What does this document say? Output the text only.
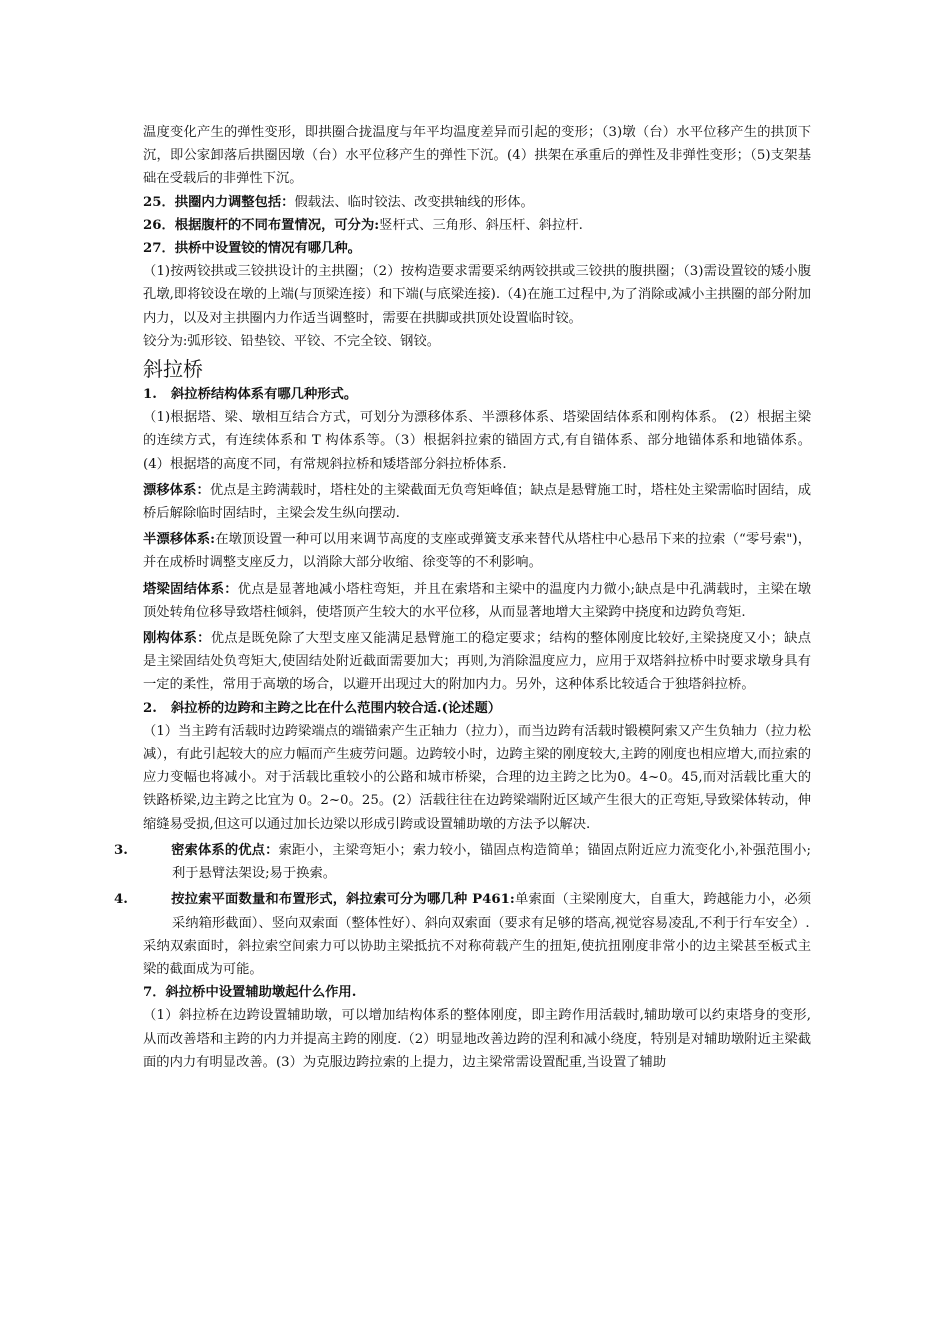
温度变化产生的弹性变形，即拱圈合拢温度与年平均温度差异而引起的变形；（3)墩（台）水平位移产生的拱顶下沉，即公家卸落后拱圈因墩（台）水平位移产生的弹性下沉。(4）拱架在承重后的弹性及非弹性变形；（5)支架基础在受载后的非弹性下沉。

25．拱圈内力调整包括：假载法、临时铰法、改变拱轴线的形体。

26．根据腹杆的不同布置情况，可分为:竖杆式、三角形、斜压杆、斜拉杆.

27．拱桥中设置铰的情况有哪几种。

（1)按两铰拱或三铰拱设计的主拱圈；（2）按构造要求需要采纳两铰拱或三铰拱的腹拱圈；（3)需设置铰的矮小腹孔墩,即将铰设在墩的上端(与顶梁连接）和下端(与底梁连接).（4)在施工过程中,为了消除或减小主拱圈的部分附加内力，以及对主拱圈内力作适当调整时，需要在拱脚或拱顶处设置临时铰。

铰分为:弧形铰、铅垫铰、平铰、不完全铰、钢铰。

斜拉桥

1. 斜拉桥结构体系有哪几种形式。

（1)根据塔、梁、墩相互结合方式，可划分为漂移体系、半漂移体系、塔梁固结体系和刚构体系。 (2）根据主梁的连续方式，有连续体系和 T 构体系等。（3）根据斜拉索的锚固方式,有自锚体系、部分地锚体系和地锚体系。(4）根据塔的高度不同，有常规斜拉桥和矮塔部分斜拉桥体系.

漂移体系：优点是主跨满载时，塔柱处的主梁截面无负弯矩峰值；缺点是悬臂施工时，塔柱处主梁需临时固结，成桥后解除临时固结时，主梁会发生纵向摆动.

半漂移体系:在墩顶设置一种可以用来调节高度的支座或弹簧支承来替代从塔柱中心悬吊下来的拉索（“零号索")，并在成桥时调整支座反力，以消除大部分收缩、徐变等的不利影响。

塔梁固结体系：优点是显著地减小塔柱弯矩，并且在索塔和主梁中的温度内力微小;缺点是中孔满载时，主梁在墩顶处转角位移导致塔柱倾斜，使塔顶产生较大的水平位移，从而显著地增大主梁跨中挠度和边跨负弯矩.

刚构体系：优点是既免除了大型支座又能满足悬臂施工的稳定要求；结构的整体刚度比较好,主梁挠度又小；缺点是主梁固结处负弯矩大,使固结处附近截面需要加大；再则,为消除温度应力，应用于双塔斜拉桥中时要求墩身具有一定的柔性，常用于高墩的场合，以避开出现过大的附加内力。另外，这种体系比较适合于独塔斜拉桥。

2. 斜拉桥的边跨和主跨之比在什么范围内较合适.(论述题）

（1）当主跨有活载时边跨梁端点的端锚索产生正轴力（拉力），而当边跨有活载时锻模阿索又产生负轴力（拉力松减），有此引起较大的应力幅而产生疲劳问题。边跨较小时，边跨主梁的刚度较大,主跨的刚度也相应增大,而拉索的应力变幅也将减小。对于活载比重较小的公路和城市桥梁，合理的边主跨之比为0。4~0。45,而对活载比重大的铁路桥梁,边主跨之比宜为 0。2~0。25。(2）活载往往在边跨梁端附近区域产生很大的正弯矩,导致梁体转动，伸缩缝易受损,但这可以通过加长边梁以形成引跨或设置辅助墩的方法予以解决.

3.	密索体系的优点：索距小，主梁弯矩小；索力较小，锚固点构造简单；锚固点附近应力流变化小,补强范围小;利于悬臂法架设;易于换索。

4.	按拉索平面数量和布置形式，斜拉索可分为哪几种 P461:单索面（主梁刚度大，自重大，跨越能力小，必须采纳箱形截面）、竖向双索面（整体性好）、斜向双索面（要求有足够的塔高,视觉容易凌乱,不利于行车安全）.

采纳双索面时，斜拉索空间索力可以协助主梁抵抗不对称荷载产生的扭矩,使抗扭刚度非常小的边主梁甚至板式主梁的截面成为可能。

7．斜拉桥中设置辅助墩起什么作用.

（1）斜拉桥在边跨设置辅助墩，可以增加结构体系的整体刚度，即主跨作用活载时,辅助墩可以约束塔身的变形,从而改善塔和主跨的内力并提高主跨的刚度.（2）明显地改善边跨的涅利和减小绕度，特别是对辅助墩附近主梁截面的内力有明显改善。(3）为克服边跨拉索的上提力，边主梁常需设置配重,当设置了辅助
